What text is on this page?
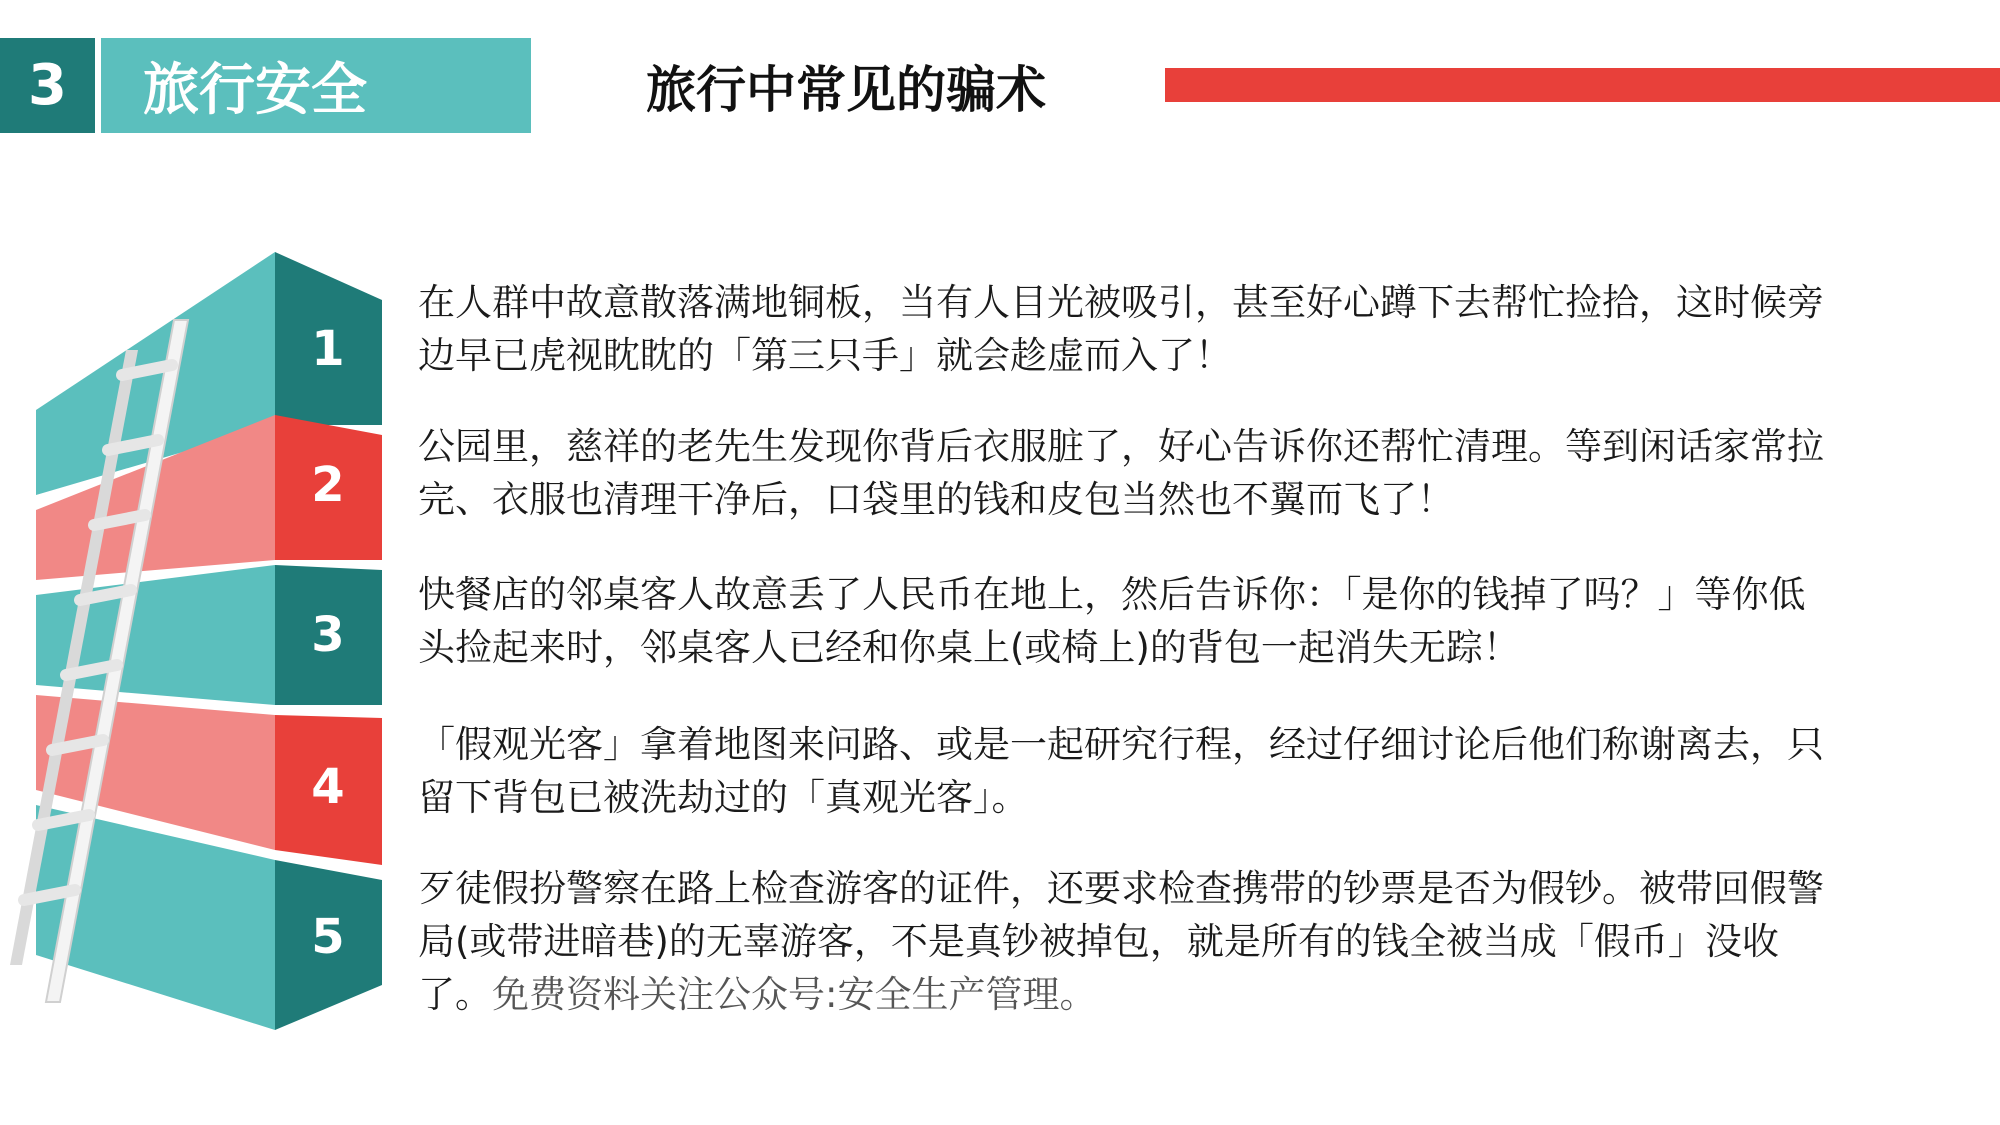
3	旅行安全	旅行中常见的骗术
1
2
3
4
5
在人群中故意散落满地铜板，当有人目光被吸引，甚至好心蹲下去帮忙捡拾，这时候旁边早已虎视眈眈的「第三只手」就会趁虚而入了！
公园里，慈祥的老先生发现你背后衣服脏了，好心告诉你还帮忙清理。等到闲话家常拉完、衣服也清理干净后，口袋里的钱和皮包当然也不翼而飞了！
快餐店的邻桌客人故意丢了人民币在地上，然后告诉你：「是你的钱掉了吗？」等你低头捡起来时，邻桌客人已经和你桌上(或椅上)的背包一起消失无踪！
「假观光客」拿着地图来问路、或是一起研究行程，经过仔细讨论后他们称谢离去，只留下背包已被洗劫过的「真观光客」。
歹徒假扮警察在路上检查游客的证件，还要求检查携带的钞票是否为假钞。被带回假警局(或带进暗巷)的无辜游客，不是真钞被掉包，就是所有的钱全被当成「假币」没收了。免费资料关注公众号:安全生产管理。
